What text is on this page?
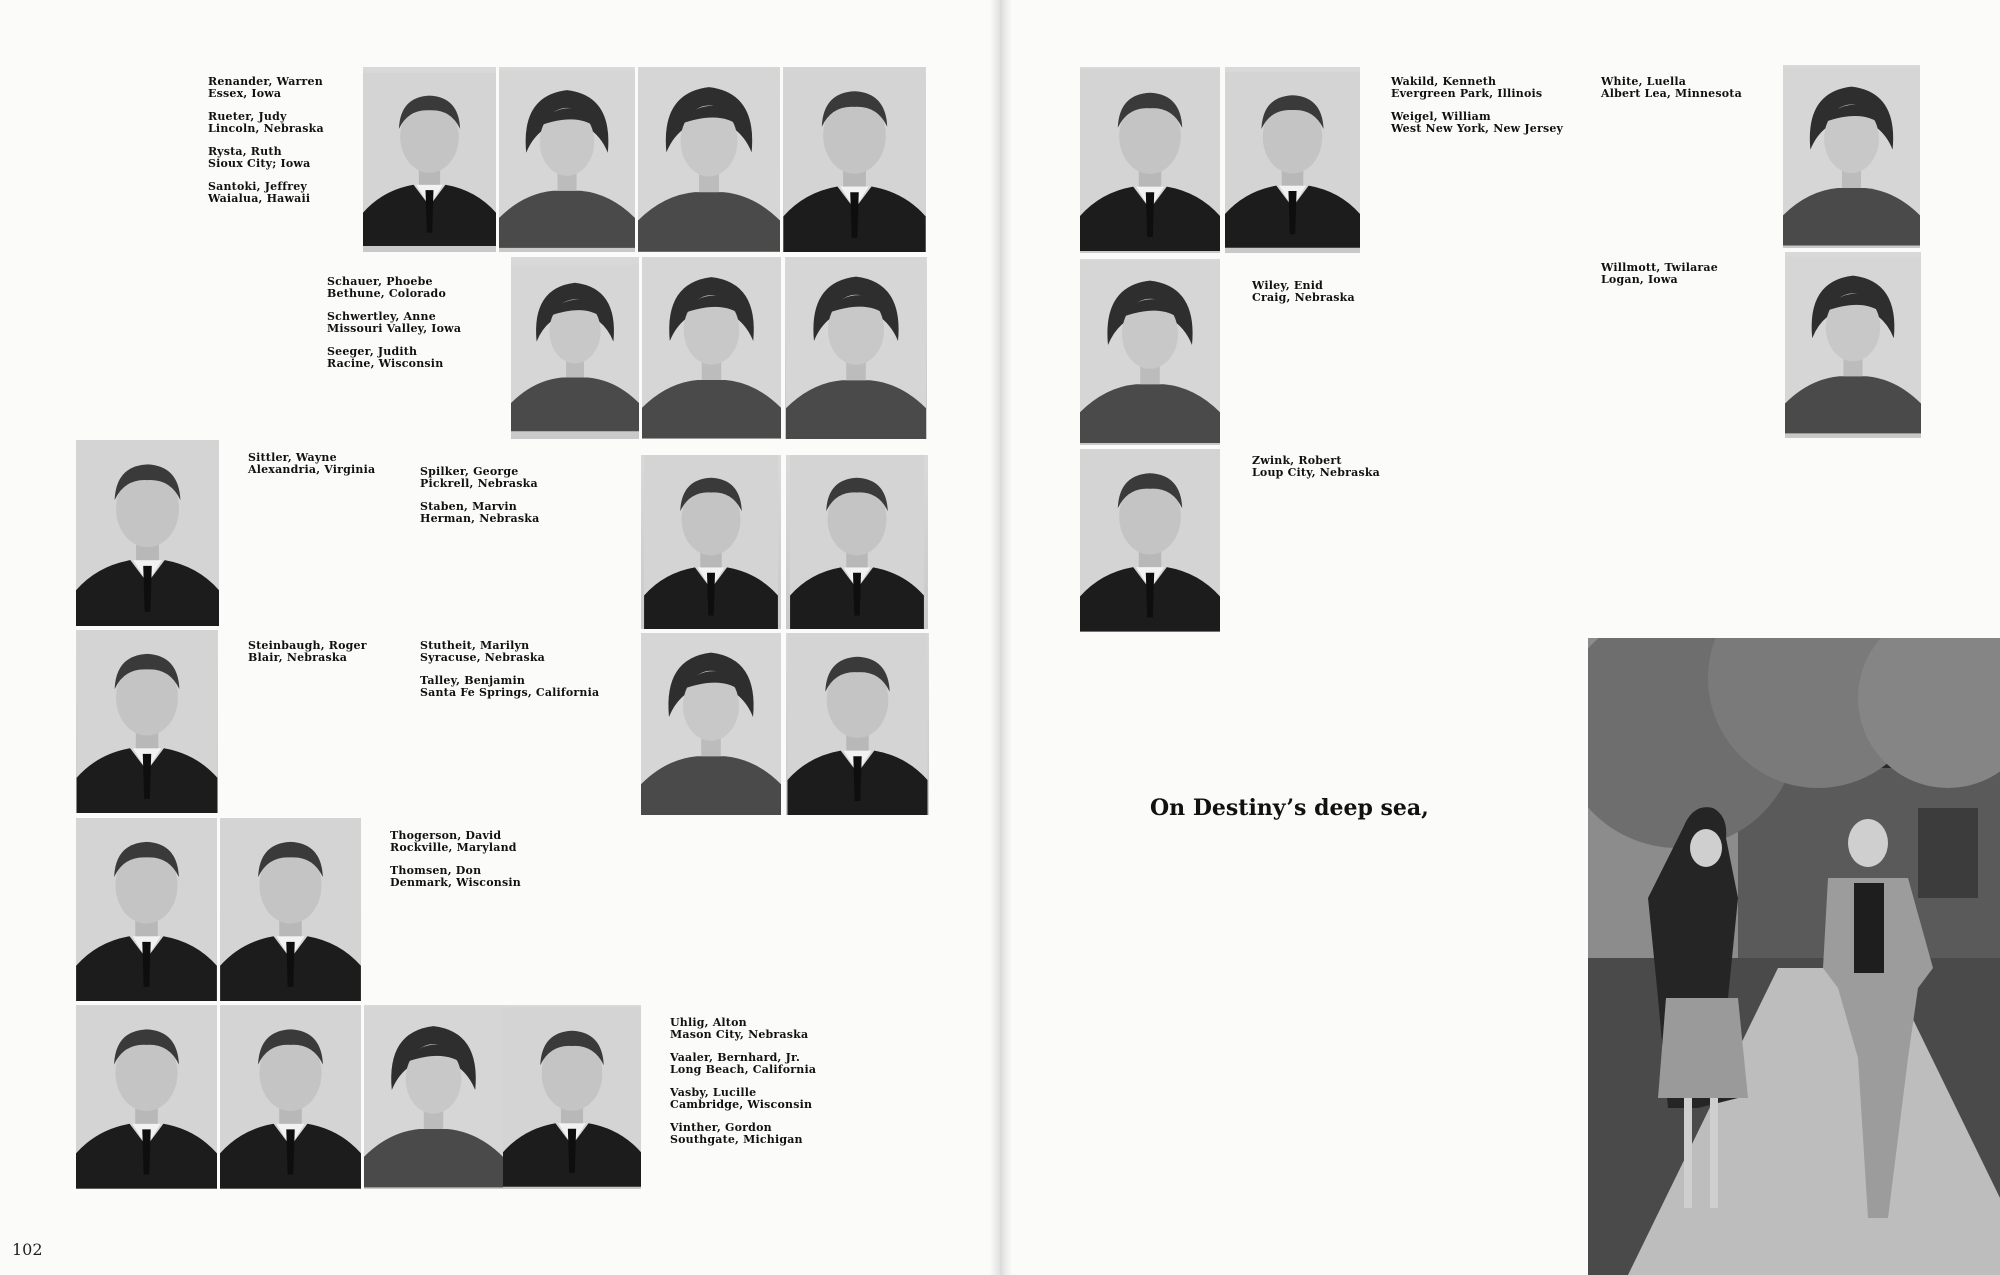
Renander, Warren
Essex, Iowa
Rueter, Judy
Lincoln, Nebraska
Rysta, Ruth
Sioux City; Iowa
Santoki, Jeffrey
Waialua, Hawaii
Schauer, Phoebe
Bethune, Colorado
Schwertley, Anne
Missouri Valley, Iowa
Seeger, Judith
Racine, Wisconsin
Sittler, Wayne
Alexandria, Virginia	Spilker, George
Pickrell, Nebraska
Staben, Marvin
Herman, Nebraska
Steinbaugh, Roger
Blair, Nebraska
Stutheit, Marilyn
Syracuse, Nebraska
Talley, Benjamin
Santa Fe Springs, California
Thogerson, David
Rockville, Maryland
Thomsen, Don
Denmark, Wisconsin
Uhlig, Alton
Mason City, Nebraska
Vaaler, Bernhard, Jr.
Long Beach, California
Vasby, Lucille
Cambridge, Wisconsin
Vinther, Gordon
Southgate, Michigan
102
Wakild, Kenneth
Evergreen Park, Illinois
Weigel, William
West New York, New Jersey
White, Luella
Albert Lea, Minnesota
Wiley, Enid
Craig, Nebraska
Willmott, Twilarae
Logan, Iowa
Zwink, Robert
Loup City, Nebraska
On Destiny’s deep sea,
